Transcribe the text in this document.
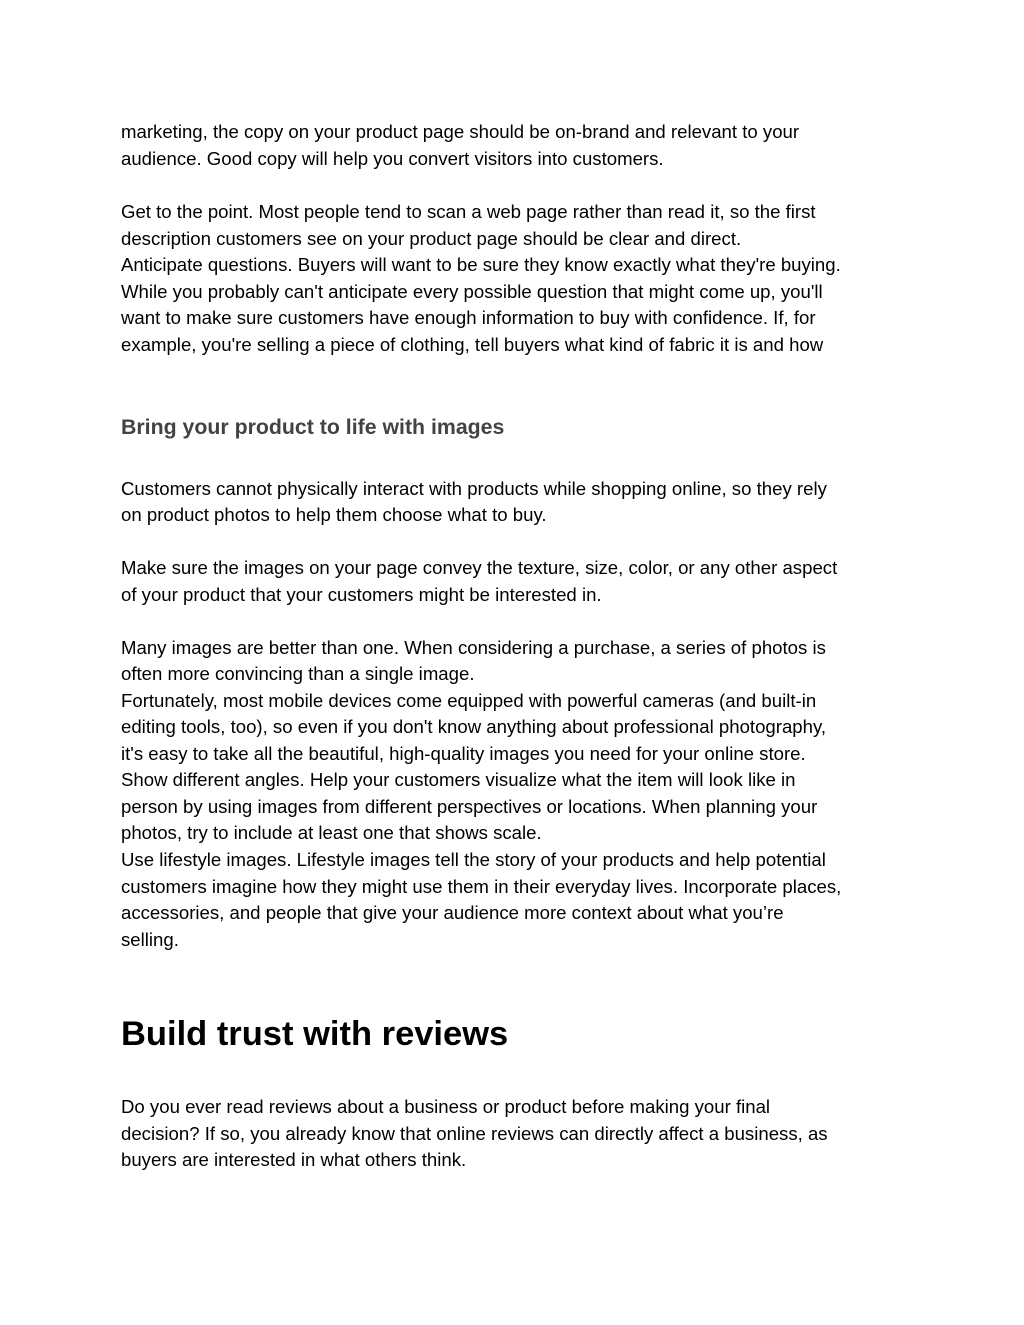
marketing, the copy on your product page should be on-brand and relevant to your
audience. Good copy will help you convert visitors into customers.
Get to the point. Most people tend to scan a web page rather than read it, so the first
description customers see on your product page should be clear and direct.
Anticipate questions. Buyers will want to be sure they know exactly what they're buying.
While you probably can't anticipate every possible question that might come up, you'll
want to make sure customers have enough information to buy with confidence. If, for
example, you're selling a piece of clothing, tell buyers what kind of fabric it is and how
Bring your product to life with images
Customers cannot physically interact with products while shopping online, so they rely
on product photos to help them choose what to buy.
Make sure the images on your page convey the texture, size, color, or any other aspect
of your product that your customers might be interested in.
Many images are better than one. When considering a purchase, a series of photos is
often more convincing than a single image.
Fortunately, most mobile devices come equipped with powerful cameras (and built-in
editing tools, too), so even if you don't know anything about professional photography,
it's easy to take all the beautiful, high-quality images you need for your online store.
Show different angles. Help your customers visualize what the item will look like in
person by using images from different perspectives or locations. When planning your
photos, try to include at least one that shows scale.
Use lifestyle images. Lifestyle images tell the story of your products and help potential
customers imagine how they might use them in their everyday lives. Incorporate places,
accessories, and people that give your audience more context about what you’re
selling.
Build trust with reviews
Do you ever read reviews about a business or product before making your final
decision? If so, you already know that online reviews can directly affect a business, as
buyers are interested in what others think.
